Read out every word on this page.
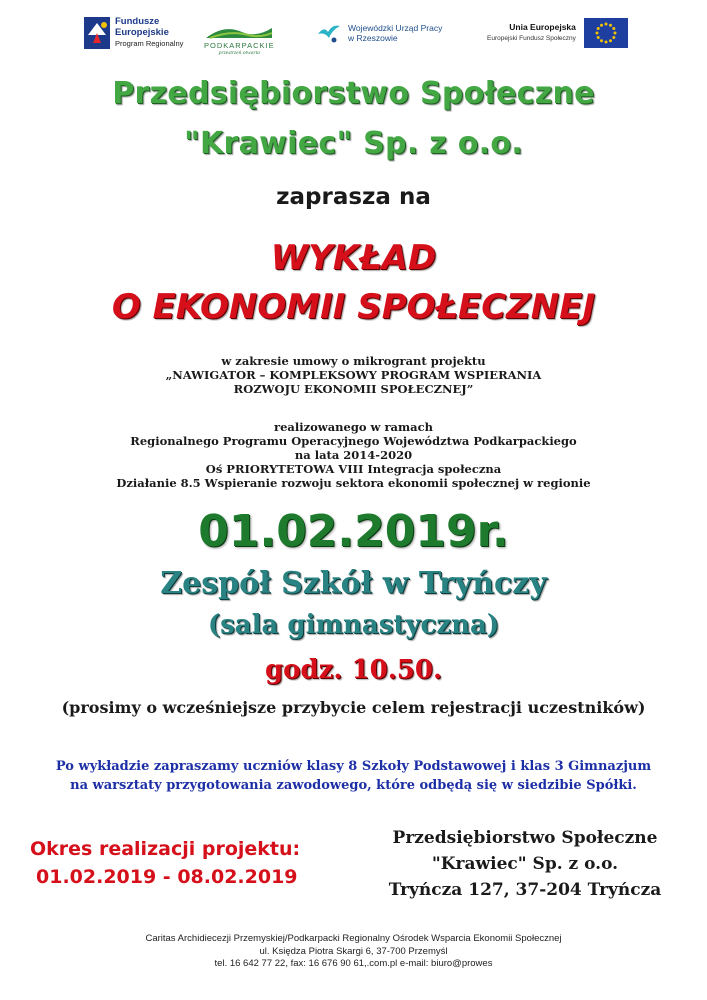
Fundusze
Europejskie
Program Regionalny	PODKARPACKIE
przestrzeń otwarta
Wojewódzki Urząd Pracy
w Rzeszowie
Unia Europejska
Europejski Fundusz Społeczny
Przedsiębiorstwo Społeczne
"Krawiec" Sp. z o.o.
zaprasza na
WYKŁAD
O EKONOMII SPOŁECZNEJ
w zakresie umowy o mikrogrant projektu
„NAWIGATOR – KOMPLEKSOWY PROGRAM WSPIERANIA
ROZWOJU EKONOMII SPOŁECZNEJ”
realizowanego w ramach
Regionalnego Programu Operacyjnego Województwa Podkarpackiego
na lata 2014-2020
Oś PRIORYTETOWA VIII Integracja społeczna
Działanie 8.5 Wspieranie rozwoju sektora ekonomii społecznej w regionie
01.02.2019r.
Zespół Szkół w Tryńczy
(sala gimnastyczna)
godz. 10.50.
(prosimy o wcześniejsze przybycie celem rejestracji uczestników)
Po wykładzie zapraszamy uczniów klasy 8 Szkoły Podstawowej i klas 3 Gimnazjum
na warsztaty przygotowania zawodowego, które odbędą się w siedzibie Spółki.
Okres realizacji projektu:
01.02.2019 - 08.02.2019
Przedsiębiorstwo Społeczne
"Krawiec" Sp. z o.o.
Tryńcza 127, 37-204 Tryńcza
Caritas Archidiecezji Przemyskiej/Podkarpacki Regionalny Ośrodek Wsparcia Ekonomii Społecznej
ul. Księdza Piotra Skargi 6, 37-700 Przemyśl
tel. 16 642 77 22, fax: 16 676 90 61,.com.pl e-mail: biuro@prowes
